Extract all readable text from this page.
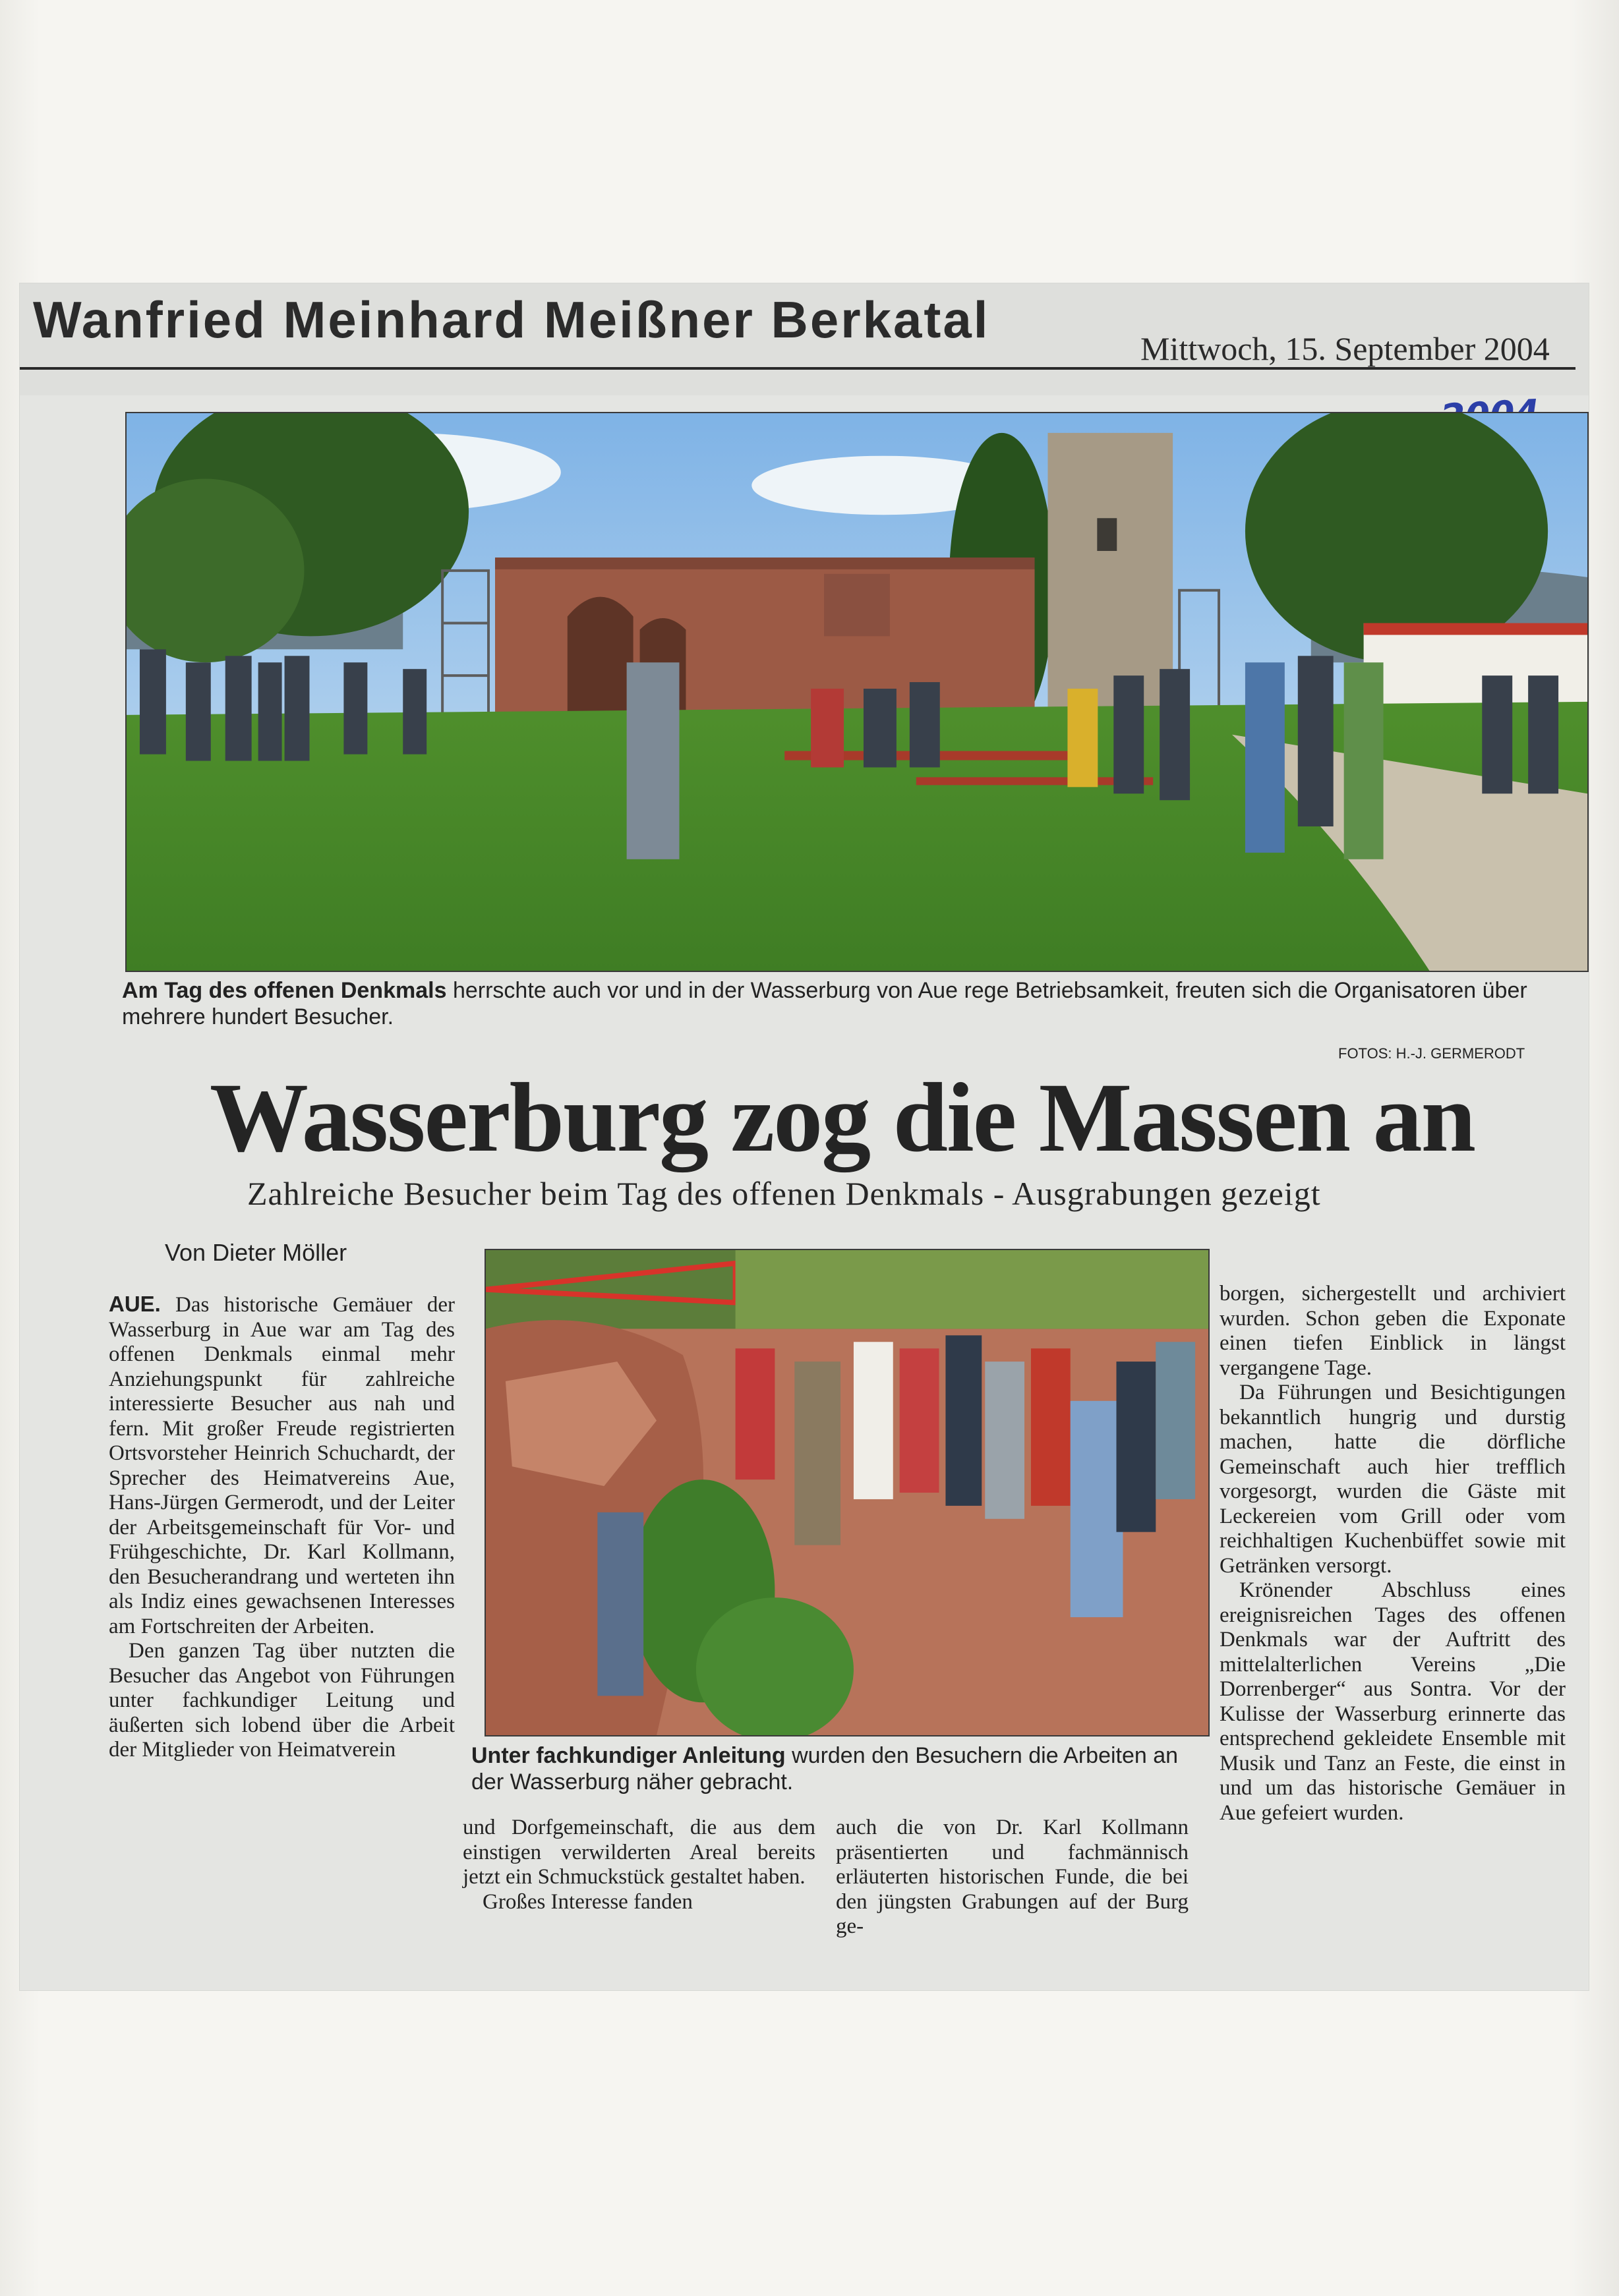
Wanfried Meinhard Meißner Berkatal	Mittwoch, 15. September 2004
Am Tag des offenen Denkmals herrschte auch vor und in der Wasserburg von Aue rege Betriebsamkeit, freuten sich die Organisatoren über mehrere hundert Besucher.
FOTOS: H.-J. GERMERODT
Wasserburg zog die Massen an
Zahlreiche Besucher beim Tag des offenen Denkmals - Ausgrabungen gezeigt
Von Dieter Möller

AUE. Das historische Gemäuer der Wasserburg in Aue war am Tag des offenen Denkmals einmal mehr Anziehungspunkt für zahlreiche interessierte Besucher aus nah und fern. Mit großer Freude registrierten Ortsvorsteher Heinrich Schuchardt, der Sprecher des Heimatvereins Aue, Hans-Jürgen Germerodt, und der Leiter der Arbeitsgemeinschaft für Vor- und Frühgeschichte, Dr. Karl Kollmann, den Besucherandrang und werteten ihn als Indiz eines gewachsenen Interesses am Fortschreiten der Arbeiten.

Den ganzen Tag über nutzten die Besucher das Angebot von Führungen unter fachkundiger Leitung und äußerten sich lobend über die Arbeit der Mitglieder von Heimatverein	Unter fachkundiger Anleitung wurden den Besuchern die Arbeiten an der Wasserburg näher gebracht.

und Dorfgemeinschaft, die aus dem einstigen verwilderten Areal bereits jetzt ein Schmuckstück gestaltet haben.

Großes Interesse fanden

auch die von Dr. Karl Kollmann präsentierten und fachmännisch erläuterten historischen Funde, die bei den jüngsten Grabungen auf der Burg ge-

borgen, sichergestellt und archiviert wurden. Schon geben die Exponate einen tiefen Einblick in längst vergangene Tage.

Da Führungen und Besichtigungen bekanntlich hungrig und durstig machen, hatte die dörfliche Gemeinschaft auch hier trefflich vorgesorgt, wurden die Gäste mit Leckereien vom Grill oder vom reichhaltigen Kuchenbüffet sowie mit Getränken versorgt.

Krönender Abschluss eines ereignisreichen Tages des offenen Denkmals war der Auftritt des mittelalterlichen Vereins „Die Dorrenberger“ aus Sontra. Vor der Kulisse der Wasserburg erinnerte das entsprechend gekleidete Ensemble mit Musik und Tanz an Feste, die einst in und um das historische Gemäuer in Aue gefeiert wurden.
